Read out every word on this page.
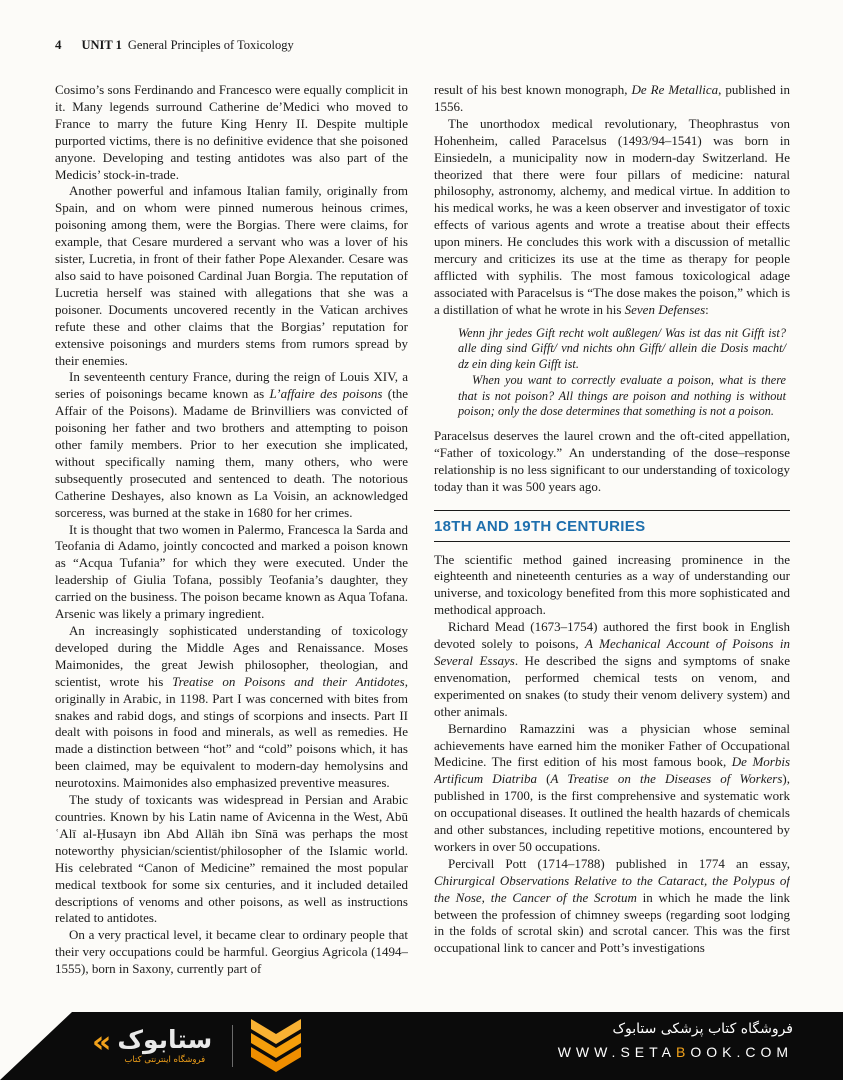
4 UNIT 1 General Principles of Toxicology

Cosimo’s sons Ferdinando and Francesco were equally complicit in it. Many legends surround Catherine de’Medici who moved to France to marry the future King Henry II. Despite multiple purported victims, there is no definitive evidence that she poisoned anyone. Developing and testing antidotes was also part of the Medicis’ stock-in-trade.

Another powerful and infamous Italian family, originally from Spain, and on whom were pinned numerous heinous crimes, poisoning among them, were the Borgias. There were claims, for example, that Cesare murdered a servant who was a lover of his sister, Lucretia, in front of their father Pope Alexander. Cesare was also said to have poisoned Cardinal Juan Borgia. The reputation of Lucretia herself was stained with allegations that she was a poisoner. Documents uncovered recently in the Vatican archives refute these and other claims that the Borgias’ reputation for extensive poisonings and murders stems from rumors spread by their enemies.

In seventeenth century France, during the reign of Louis XIV, a series of poisonings became known as L’affaire des poisons (the Affair of the Poisons). Madame de Brinvilliers was convicted of poisoning her father and two brothers and attempting to poison other family members. Prior to her execution she implicated, without specifically naming them, many others, who were subsequently prosecuted and sentenced to death. The notorious Catherine Deshayes, also known as La Voisin, an acknowledged sorceress, was burned at the stake in 1680 for her crimes.

It is thought that two women in Palermo, Francesca la Sarda and Teofania di Adamo, jointly concocted and marked a poison known as “Acqua Tufania” for which they were executed. Under the leadership of Giulia Tofana, possibly Teofania’s daughter, they carried on the business. The poison became known as Aqua Tofana. Arsenic was likely a primary ingredient.

An increasingly sophisticated understanding of toxicology developed during the Middle Ages and Renaissance. Moses Maimonides, the great Jewish philosopher, theologian, and scientist, wrote his Treatise on Poisons and their Antidotes, originally in Arabic, in 1198. Part I was concerned with bites from snakes and rabid dogs, and stings of scorpions and insects. Part II dealt with poisons in food and minerals, as well as remedies. He made a distinction between “hot” and “cold” poisons which, it has been claimed, may be equivalent to modern-day hemolysins and neurotoxins. Maimonides also emphasized preventive measures.

The study of toxicants was widespread in Persian and Arabic countries. Known by his Latin name of Avicenna in the West, Abū ʿAlī al-Ḥusayn ibn Abd Allāh ibn Sīnā was perhaps the most noteworthy physician/scientist/philosopher of the Islamic world. His celebrated “Canon of Medicine” remained the most popular medical textbook for some six centuries, and it included detailed descriptions of venoms and other poisons, as well as instructions related to antidotes.

On a very practical level, it became clear to ordinary people that their very occupations could be harmful. Georgius Agricola (1494–1555), born in Saxony, currently part of

result of his best known monograph, De Re Metallica, published in 1556.

The unorthodox medical revolutionary, Theophrastus von Hohenheim, called Paracelsus (1493/94–1541) was born in Einsiedeln, a municipality now in modern-day Switzerland. He theorized that there were four pillars of medicine: natural philosophy, astronomy, alchemy, and medical virtue. In addition to his medical works, he was a keen observer and investigator of toxic effects of various agents and wrote a treatise about their effects upon miners. He concludes this work with a discussion of metallic mercury and criticizes its use at the time as therapy for people afflicted with syphilis. The most famous toxicological adage associated with Paracelsus is “The dose makes the poison,” which is a distillation of what he wrote in his Seven Defenses:

Wenn jhr jedes Gift recht wolt außlegen/ Was ist das nit Gifft ist? alle ding sind Gifft/ vnd nichts ohn Gifft/ allein die Dosis macht/ dz ein ding kein Gifft ist.

When you want to correctly evaluate a poison, what is there that is not poison? All things are poison and nothing is without poison; only the dose determines that something is not a poison.

Paracelsus deserves the laurel crown and the oft-cited appellation, “Father of toxicology.” An understanding of the dose–response relationship is no less significant to our understanding of toxicology today than it was 500 years ago.

18TH AND 19TH CENTURIES

The scientific method gained increasing prominence in the eighteenth and nineteenth centuries as a way of understanding our universe, and toxicology benefited from this more sophisticated and methodical approach.

Richard Mead (1673–1754) authored the first book in English devoted solely to poisons, A Mechanical Account of Poisons in Several Essays. He described the signs and symptoms of snake envenomation, performed chemical tests on venom, and experimented on snakes (to study their venom delivery system) and other animals.

Bernardino Ramazzini was a physician whose seminal achievements have earned him the moniker Father of Occupational Medicine. The first edition of his most famous book, De Morbis Artificum Diatriba (A Treatise on the Diseases of Workers), published in 1700, is the first comprehensive and systematic work on occupational diseases. It outlined the health hazards of chemicals and other substances, including repetitive motions, encountered by workers in over 50 occupations.

Percivall Pott (1714–1788) published in 1774 an essay, Chirurgical Observations Relative to the Cataract, the Polypus of the Nose, the Cancer of the Scrotum in which he made the link between the profession of chimney sweeps (regarding soot lodging in the folds of scrotal skin) and scrotal cancer. This was the first occupational link to cancer and Pott’s investigations

« ستابوک
فروشگاه اینترنتی کتاب
فروشگاه کتاب پزشکی ستابوک
WWW.SETABOOK.COM
